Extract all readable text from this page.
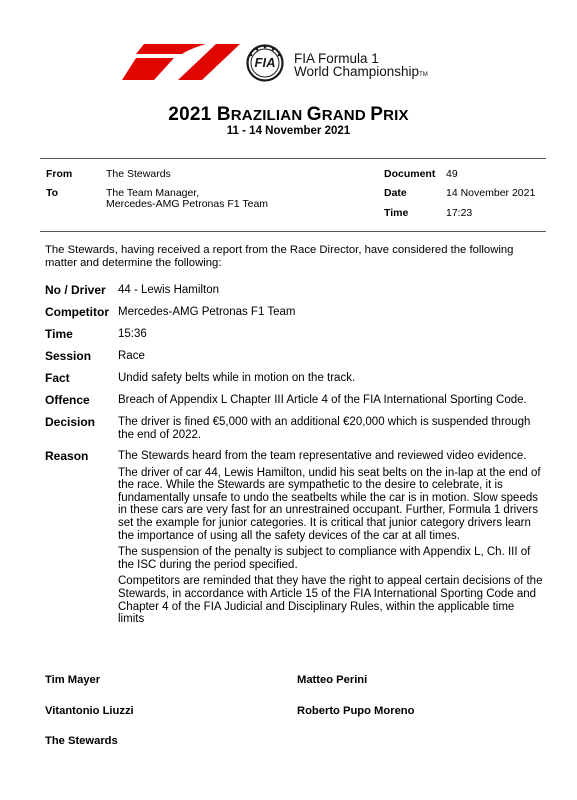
FIA FIA Formula 1
World ChampionshipTM
2021 BRAZILIAN GRAND PRIX
11 - 14 November 2021
From	The Stewards
To	The Team Manager,
Mercedes-AMG Petronas F1 Team
Document 49
Date	14 November 2021
Time	17:23
The Stewards, having received a report from the Race Director, have considered the following matter and determine the following:
No / Driver 44 - Lewis Hamilton
Competitor Mercedes-AMG Petronas F1 Team
Time	15:36
Session Race
Fact	Undid safety belts while in motion on the track.
Offence Breach of Appendix L Chapter III Article 4 of the FIA International Sporting Code.
Decision The driver is fined €5,000 with an additional €20,000 which is suspended through the end of 2022.
Reason	The Stewards heard from the team representative and reviewed video evidence.
The driver of car 44, Lewis Hamilton, undid his seat belts on the in-lap at the end of the race. While the Stewards are sympathetic to the desire to celebrate, it is fundamentally unsafe to undo the seatbelts while the car is in motion. Slow speeds in these cars are very fast for an unrestrained occupant. Further, Formula 1 drivers set the example for junior categories. It is critical that junior category drivers learn the importance of using all the safety devices of the car at all times.
The suspension of the penalty is subject to compliance with Appendix L, Ch. III of the ISC during the period specified.
Competitors are reminded that they have the right to appeal certain decisions of the Stewards, in accordance with Article 15 of the FIA International Sporting Code and Chapter 4 of the FIA Judicial and Disciplinary Rules, within the applicable time limits
Tim Mayer	Matteo Perini
Vitantonio Liuzzi	Roberto Pupo Moreno
The Stewards
